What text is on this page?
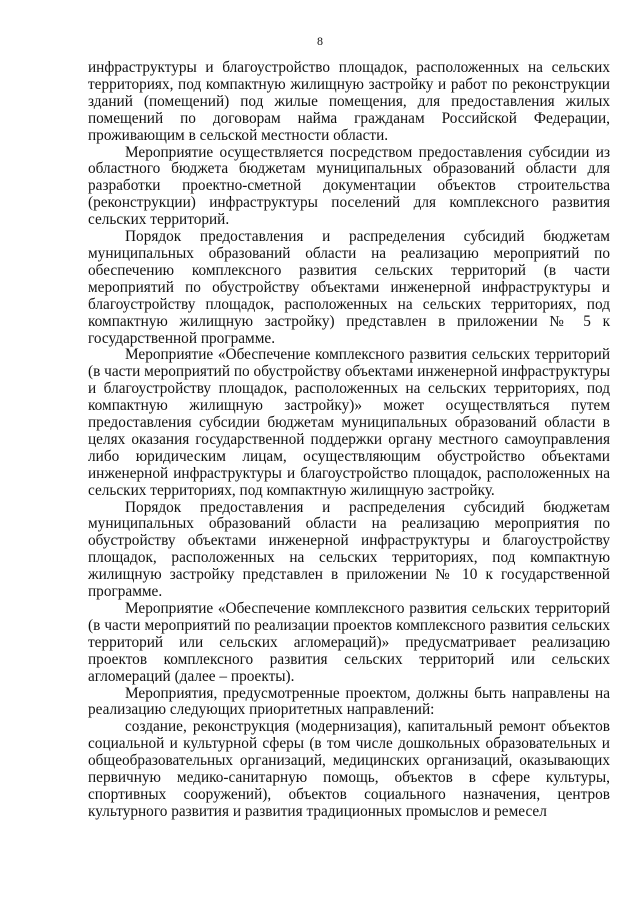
8

инфраструктуры и благоустройство площадок, расположенных на сельских территориях, под компактную жилищную застройку и работ по реконструкции зданий (помещений) под жилые помещения, для предоставления жилых помещений по договорам найма гражданам Российской Федерации, проживающим в сельской местности области.

Мероприятие осуществляется посредством предоставления субсидии из областного бюджета бюджетам муниципальных образований области для разработки проектно-сметной документации объектов строительства (реконструкции) инфраструктуры поселений для комплексного развития сельских территорий.

Порядок предоставления и распределения субсидий бюджетам муниципальных образований области на реализацию мероприятий по обеспечению комплексного развития сельских территорий (в части мероприятий по обустройству объектами инженерной инфраструктуры и благоустройству площадок, расположенных на сельских территориях, под компактную жилищную застройку) представлен в приложении № 5 к государственной программе.

Мероприятие «Обеспечение комплексного развития сельских территорий (в части мероприятий по обустройству объектами инженерной инфраструктуры и благоустройству площадок, расположенных на сельских территориях, под компактную жилищную застройку)» может осуществляться путем предоставления субсидии бюджетам муниципальных образований области в целях оказания государственной поддержки органу местного самоуправления либо юридическим лицам, осуществляющим обустройство объектами инженерной инфраструктуры и благоустройство площадок, расположенных на сельских территориях, под компактную жилищную застройку.

Порядок предоставления и распределения субсидий бюджетам муниципальных образований области на реализацию мероприятия по обустройству объектами инженерной инфраструктуры и благоустройству площадок, расположенных на сельских территориях, под компактную жилищную застройку представлен в приложении № 10 к государственной программе.

Мероприятие «Обеспечение комплексного развития сельских территорий (в части мероприятий по реализации проектов комплексного развития сельских территорий или сельских агломераций)» предусматривает реализацию проектов комплексного развития сельских территорий или сельских агломераций (далее – проекты).

Мероприятия, предусмотренные проектом, должны быть направлены на реализацию следующих приоритетных направлений:

создание, реконструкция (модернизация), капитальный ремонт объектов социальной и культурной сферы (в том числе дошкольных образовательных и общеобразовательных организаций, медицинских организаций, оказывающих первичную медико-санитарную помощь, объектов в сфере культуры, спортивных сооружений), объектов социального назначения, центров культурного развития и развития традиционных промыслов и ремесел
